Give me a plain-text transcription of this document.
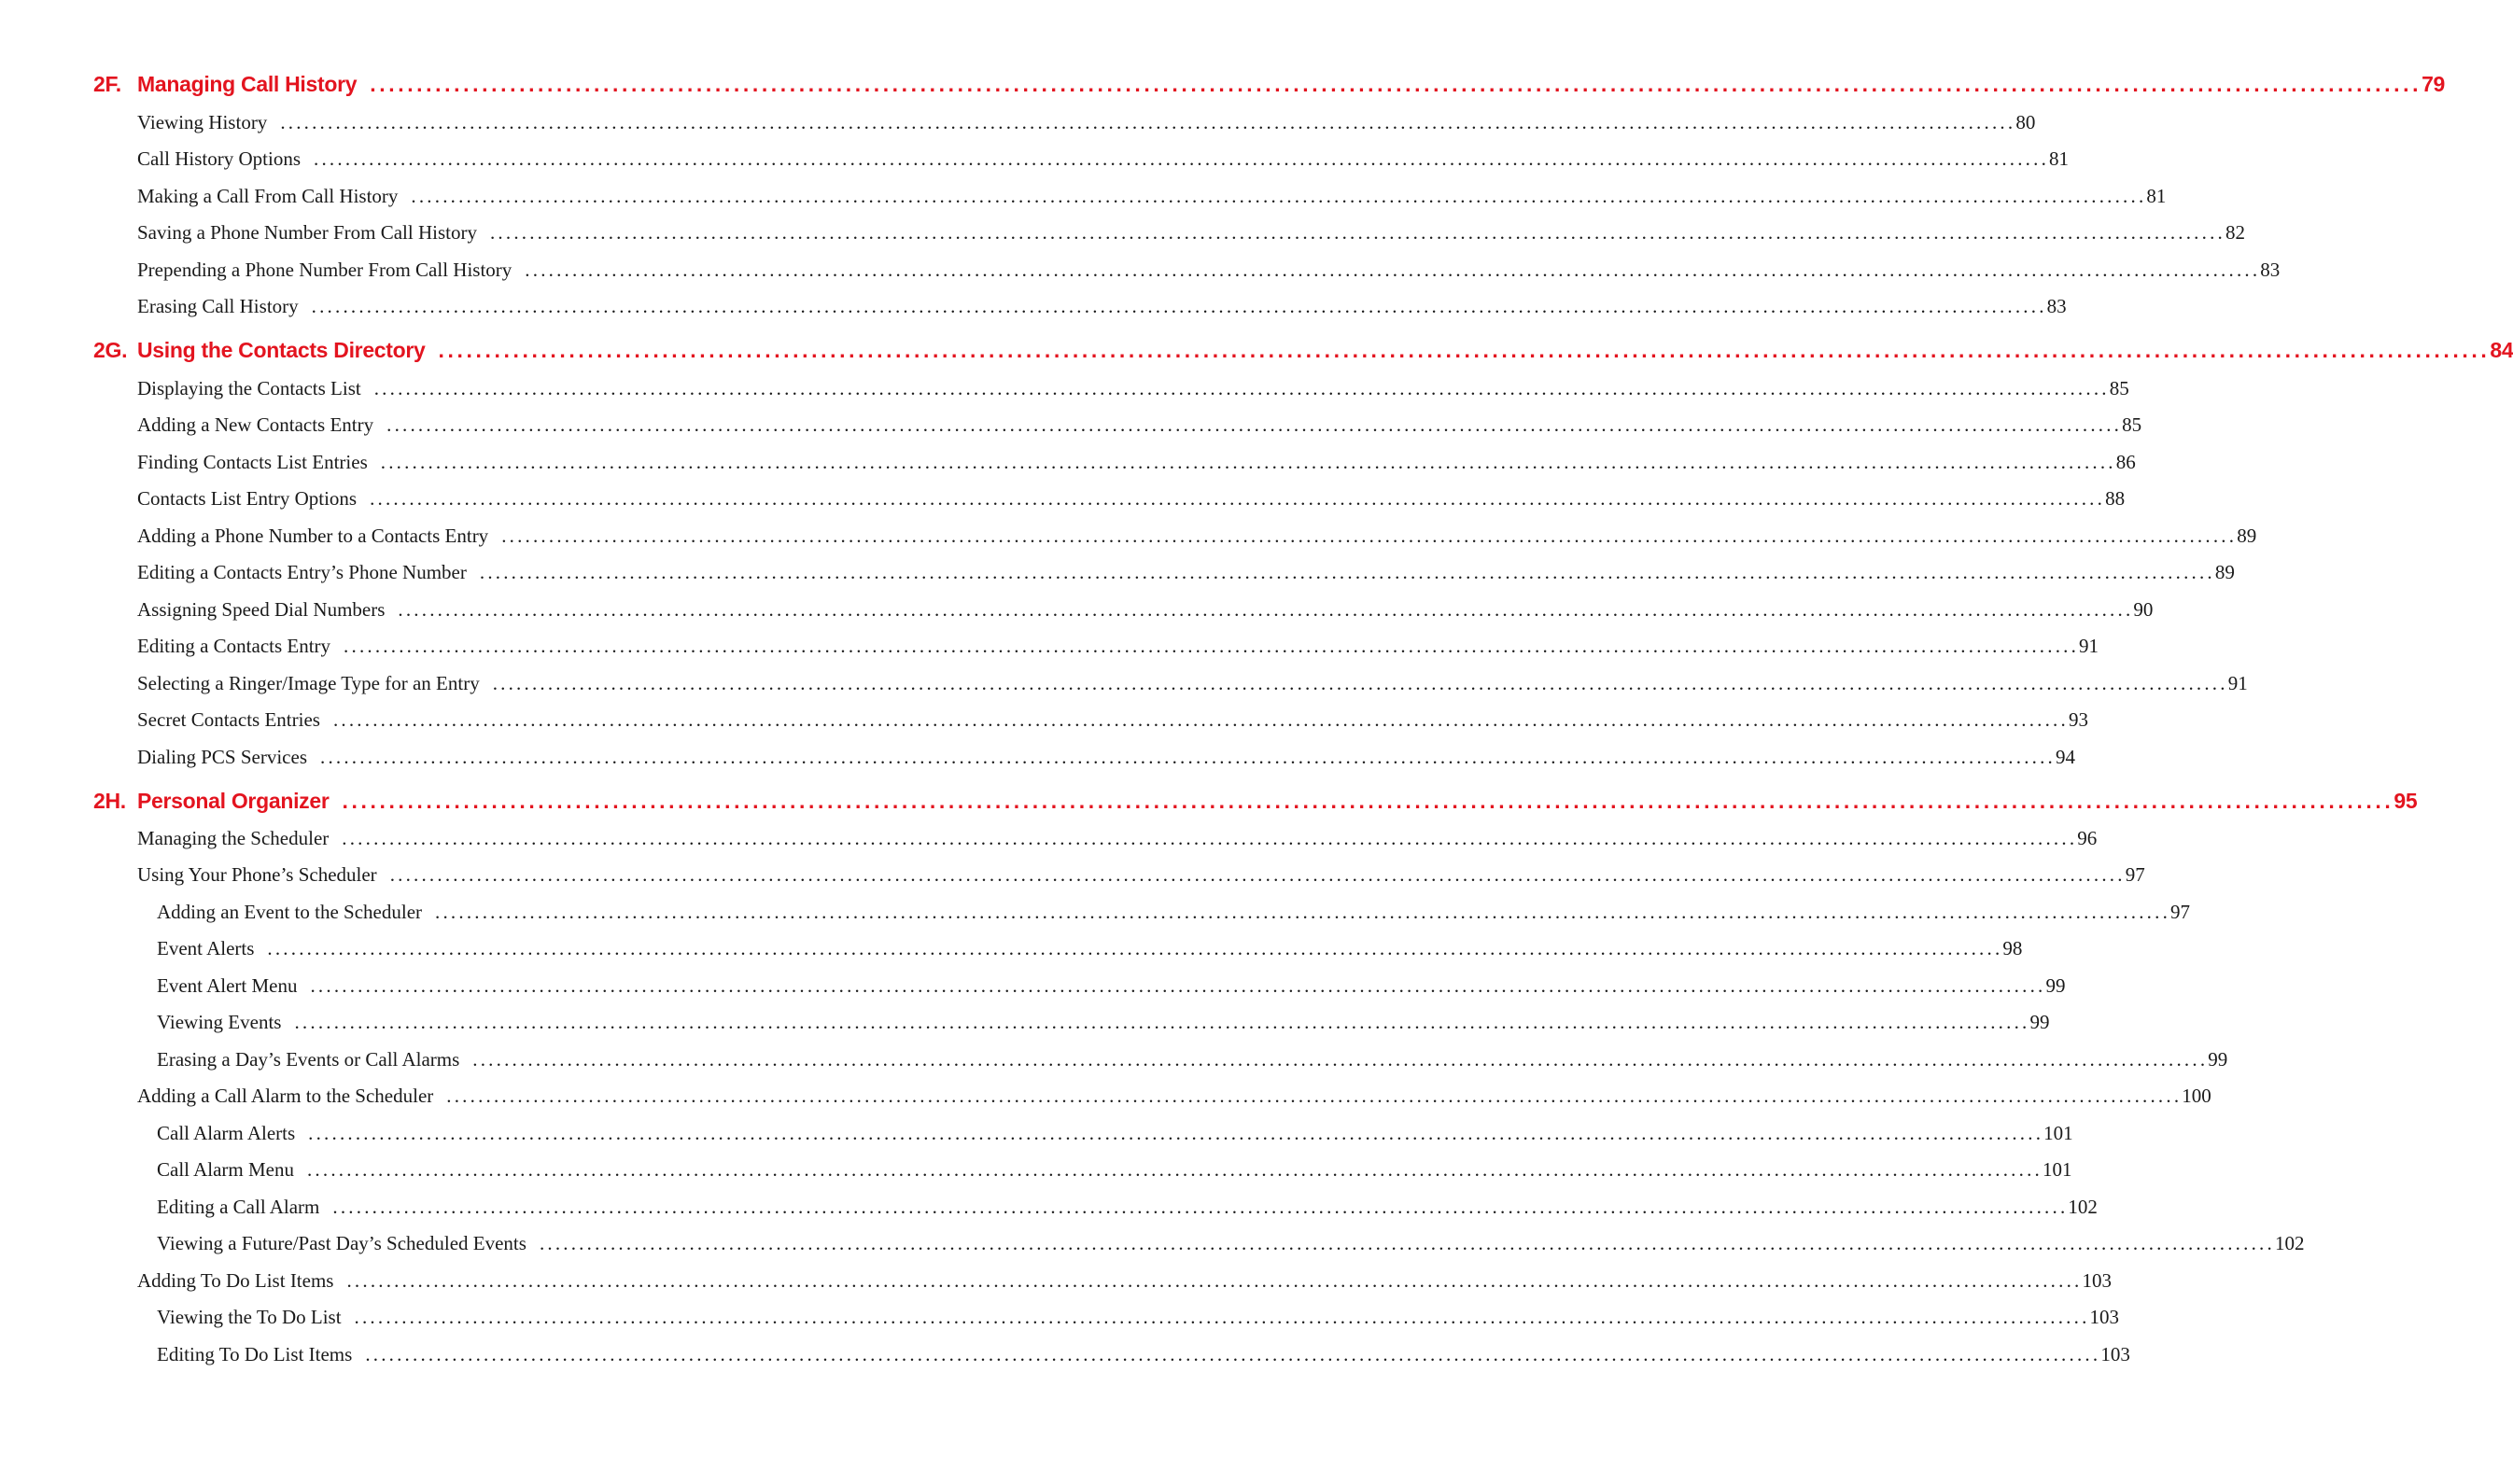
2F. Managing Call History ............................................................................................................................................................................................................................ 79
Viewing History ............................................................................................................................................................................................................................ 80
Call History Options ............................................................................................................................................................................................................................ 81
Making a Call From Call History ............................................................................................................................................................................................................................ 81
Saving a Phone Number From Call History ............................................................................................................................................................................................................................ 82
Prepending a Phone Number From Call History ............................................................................................................................................................................................................................ 83
Erasing Call History ............................................................................................................................................................................................................................ 83
2G. Using the Contacts Directory ............................................................................................................................................................................................................................ 84
Displaying the Contacts List ............................................................................................................................................................................................................................ 85
Adding a New Contacts Entry ............................................................................................................................................................................................................................ 85
Finding Contacts List Entries ............................................................................................................................................................................................................................ 86
Contacts List Entry Options ............................................................................................................................................................................................................................ 88
Adding a Phone Number to a Contacts Entry ............................................................................................................................................................................................................................ 89
Editing a Contacts Entry’s Phone Number ............................................................................................................................................................................................................................ 89
Assigning Speed Dial Numbers ............................................................................................................................................................................................................................ 90
Editing a Contacts Entry ............................................................................................................................................................................................................................ 91
Selecting a Ringer/Image Type for an Entry ............................................................................................................................................................................................................................ 91
Secret Contacts Entries ............................................................................................................................................................................................................................ 93
Dialing PCS Services ............................................................................................................................................................................................................................ 94
2H. Personal Organizer ............................................................................................................................................................................................................................ 95
Managing the Scheduler ............................................................................................................................................................................................................................ 96
Using Your Phone’s Scheduler ............................................................................................................................................................................................................................ 97
Adding an Event to the Scheduler ............................................................................................................................................................................................................................ 97
Event Alerts ............................................................................................................................................................................................................................ 98
Event Alert Menu ............................................................................................................................................................................................................................ 99
Viewing Events ............................................................................................................................................................................................................................ 99
Erasing a Day’s Events or Call Alarms ............................................................................................................................................................................................................................ 99
Adding a Call Alarm to the Scheduler ............................................................................................................................................................................................................................ 100
Call Alarm Alerts ............................................................................................................................................................................................................................ 101
Call Alarm Menu ............................................................................................................................................................................................................................ 101
Editing a Call Alarm ............................................................................................................................................................................................................................ 102
Viewing a Future/Past Day’s Scheduled Events ............................................................................................................................................................................................................................ 102
Adding To Do List Items ............................................................................................................................................................................................................................ 103
Viewing the To Do List ............................................................................................................................................................................................................................ 103
Editing To Do List Items ............................................................................................................................................................................................................................ 103
